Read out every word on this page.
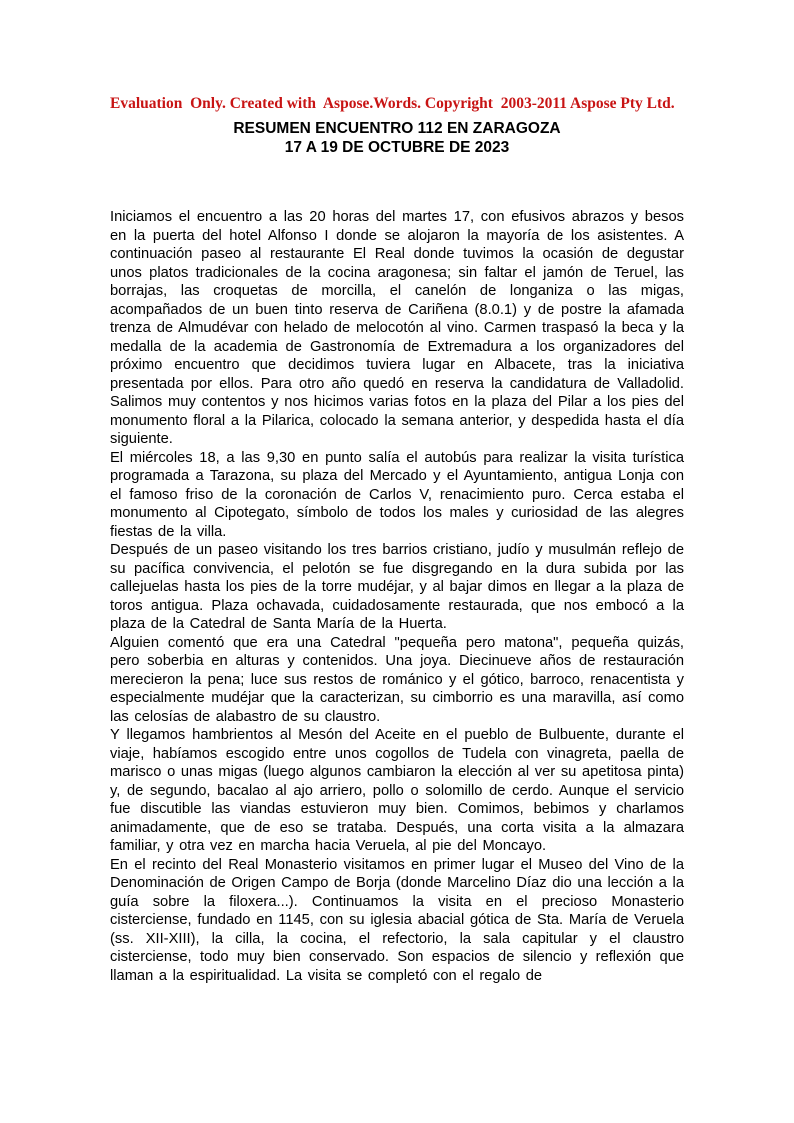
Evaluation  Only. Created with  Aspose.Words. Copyright  2003-2011 Aspose Pty Ltd.

RESUMEN ENCUENTRO 112 EN ZARAGOZA
17 A 19 DE OCTUBRE DE 2023

Iniciamos el encuentro a las 20 horas del martes 17, con efusivos abrazos y besos en la puerta del hotel Alfonso I donde se alojaron la mayoría de los asistentes. A continuación paseo al restaurante El Real donde tuvimos la ocasión de degustar unos platos tradicionales de la cocina aragonesa; sin faltar el jamón de Teruel, las borrajas, las croquetas de morcilla, el canelón de longaniza o las migas, acompañados de un buen tinto reserva de Cariñena (8.0.1) y de postre la afamada trenza de Almudévar con helado de melocotón al vino. Carmen traspasó la beca y la medalla de la academia de Gastronomía de Extremadura a los organizadores del próximo encuentro que decidimos tuviera lugar en Albacete, tras la iniciativa presentada por ellos. Para otro año quedó en reserva la candidatura de Valladolid. Salimos muy contentos y nos hicimos varias fotos en la plaza del Pilar a los pies del monumento floral a la Pilarica, colocado la semana anterior, y despedida hasta el día siguiente.

El miércoles 18, a las 9,30 en punto salía el autobús para realizar la visita turística programada a Tarazona, su plaza del Mercado y el Ayuntamiento, antigua Lonja con el famoso friso de la coronación de Carlos V, renacimiento puro. Cerca estaba el monumento al Cipotegato, símbolo de todos los males y curiosidad de las alegres fiestas de la villa.

Después de un paseo visitando los tres barrios cristiano, judío y musulmán reflejo de su pacífica convivencia, el pelotón se fue disgregando en la dura subida por las callejuelas hasta los pies de la torre mudéjar, y al bajar dimos en llegar a la plaza de toros antigua. Plaza ochavada, cuidadosamente restaurada, que nos embocó a la plaza de la Catedral de Santa María de la Huerta.

Alguien comentó que era una Catedral "pequeña pero matona", pequeña quizás, pero soberbia en alturas y contenidos. Una joya. Diecinueve años de restauración merecieron la pena; luce sus restos de románico y el gótico, barroco, renacentista y especialmente mudéjar que la caracterizan, su cimborrio es una maravilla, así como las celosías de alabastro de su claustro.

Y llegamos hambrientos al Mesón del Aceite en el pueblo de Bulbuente, durante el viaje, habíamos escogido entre unos cogollos de Tudela con vinagreta, paella de marisco o unas migas (luego algunos cambiaron la elección al ver su apetitosa pinta) y, de segundo, bacalao al ajo arriero, pollo o solomillo de cerdo. Aunque el servicio fue discutible las viandas estuvieron muy bien. Comimos, bebimos y charlamos animadamente, que de eso se trataba. Después, una corta visita a la almazara familiar, y otra vez en marcha hacia Veruela, al pie del Moncayo.

En el recinto del Real Monasterio visitamos en primer lugar el Museo del Vino de la Denominación de Origen Campo de Borja (donde Marcelino Díaz dio una lección a la guía sobre la filoxera...). Continuamos la visita en el precioso Monasterio cisterciense, fundado en 1145, con su iglesia abacial gótica de Sta. María de Veruela (ss. XII-XIII), la cilla, la cocina, el refectorio, la sala capitular y el claustro cisterciense, todo muy bien conservado. Son espacios de silencio y reflexión que llaman a la espiritualidad. La visita se completó con el regalo de
